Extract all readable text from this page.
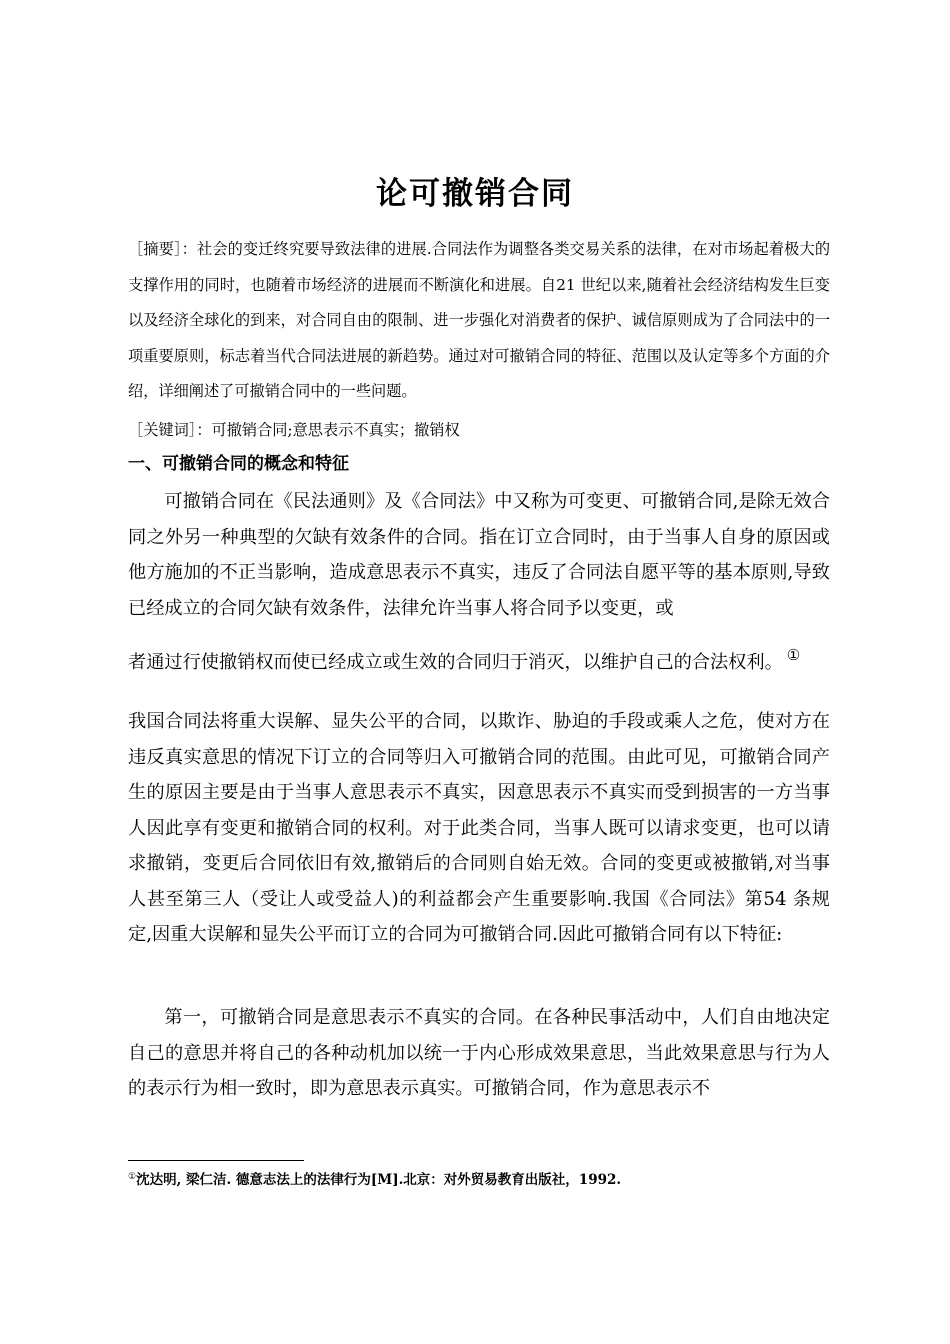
论可撤销合同

［摘要］：社会的变迁终究要导致法律的进展.合同法作为调整各类交易关系的法律，在对市场起着极大的支撑作用的同时，也随着市场经济的进展而不断演化和进展。自21 世纪以来,随着社会经济结构发生巨变以及经济全球化的到来，对合同自由的限制、进一步强化对消费者的保护、诚信原则成为了合同法中的一项重要原则，标志着当代合同法进展的新趋势。通过对可撤销合同的特征、范围以及认定等多个方面的介绍，详细阐述了可撤销合同中的一些问题。

［关键词］：可撤销合同;意思表示不真实；撤销权

一、可撤销合同的概念和特征

可撤销合同在《民法通则》及《合同法》中又称为可变更、可撤销合同,是除无效合同之外另一种典型的欠缺有效条件的合同。指在订立合同时，由于当事人自身的原因或他方施加的不正当影响，造成意思表示不真实，违反了合同法自愿平等的基本原则,导致已经成立的合同欠缺有效条件，法律允许当事人将合同予以变更，或
者通过行使撤销权而使已经成立或生效的合同归于消灭，以维护自己的合法权利。 ①

我国合同法将重大误解、显失公平的合同，以欺诈、胁迫的手段或乘人之危，使对方在违反真实意思的情况下订立的合同等归入可撤销合同的范围。由此可见，可撤销合同产生的原因主要是由于当事人意思表示不真实，因意思表示不真实而受到损害的一方当事人因此享有变更和撤销合同的权利。对于此类合同，当事人既可以请求变更，也可以请求撤销，变更后合同依旧有效,撤销后的合同则自始无效。合同的变更或被撤销,对当事人甚至第三人（受让人或受益人)的利益都会产生重要影响.我国《合同法》第54 条规定,因重大误解和显失公平而订立的合同为可撤销合同.因此可撤销合同有以下特征:

第一，可撤销合同是意思表示不真实的合同。在各种民事活动中，人们自由地决定自己的意思并将自己的各种动机加以统一于内心形成效果意思，当此效果意思与行为人的表示行为相一致时，即为意思表示真实。可撤销合同，作为意思表示不

①沈达明, 梁仁洁. 德意志法上的法律行为[M].北京：对外贸易教育出版社，1992.
